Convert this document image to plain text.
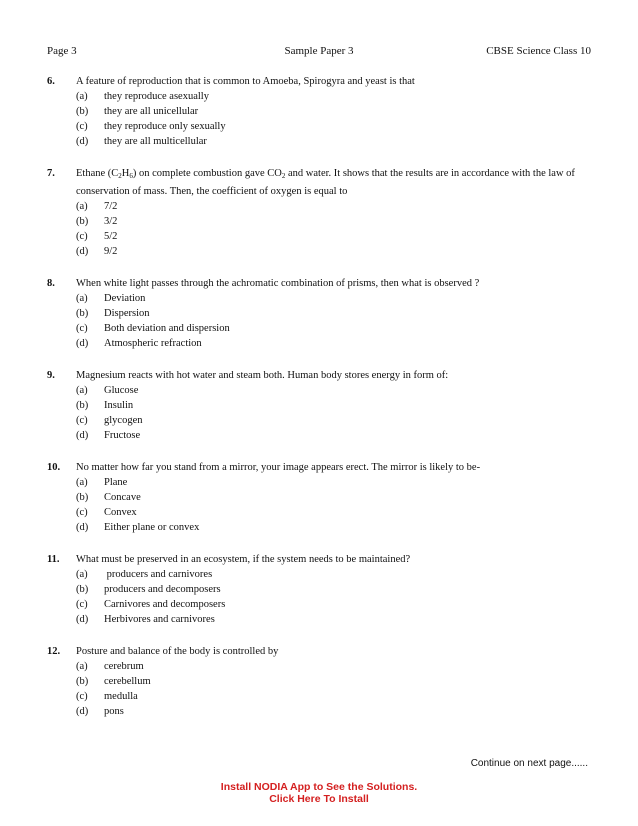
Page 3	Sample Paper 3	CBSE Science Class 10
6. A feature of reproduction that is common to Amoeba, Spirogyra and yeast is that
(a) they reproduce asexually
(b) they are all unicellular
(c) they reproduce only sexually
(d) they are all multicellular
7. Ethane $(C_2H_6)$ on complete combustion gave $CO_2$ and water. It shows that the results are in accordance with the law of conservation of mass. Then, the coefficient of oxygen is equal to
(a) 7/2
(b) 3/2
(c) 5/2
(d) 9/2
8. When white light passes through the achromatic combination of prisms, then what is observed ?
(a) Deviation
(b) Dispersion
(c) Both deviation and dispersion
(d) Atmospheric refraction
9. Magnesium reacts with hot water and steam both. Human body stores energy in form of:
(a) Glucose
(b) Insulin
(c) glycogen
(d) Fructose
10. No matter how far you stand from a mirror, your image appears erect. The mirror is likely to be-
(a) Plane
(b) Concave
(c) Convex
(d) Either plane or convex
11. What must be preserved in an ecosystem, if the system needs to be maintained?
(a) producers and carnivores
(b) producers and decomposers
(c) Carnivores and decomposers
(d) Herbivores and carnivores
12. Posture and balance of the body is controlled by
(a) cerebrum
(b) cerebellum
(c) medulla
(d) pons
Continue on next page......
Install NODIA App to See the Solutions.
Click Here To Install
